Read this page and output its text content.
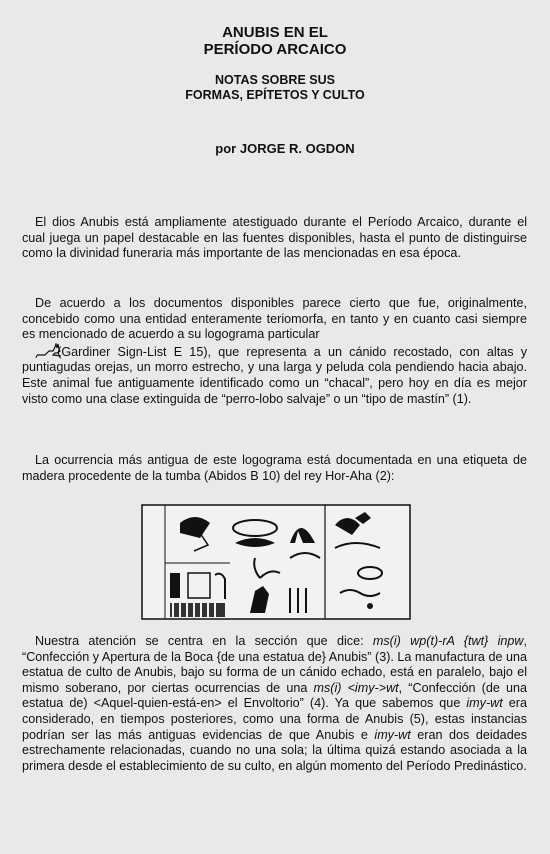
ANUBIS EN EL
PERÍODO ARCAICO
NOTAS SOBRE SUS
FORMAS, EPÍTETOS Y CULTO
por JORGE R. OGDON
El dios Anubis está ampliamente atestiguado durante el Período Arcaico, durante el cual juega un papel destacable en las fuentes disponibles, hasta el punto de distinguirse como la divinidad funeraria más importante de las mencionadas en esa época.
De acuerdo a los documentos disponibles parece cierto que fue, originalmente, concebido como una entidad enteramente teriomorfa, en tanto y en cuanto casi siempre es mencionado de acuerdo a su logograma particular
(Gardiner Sign-List E 15), que representa a un cánido recostado, con altas y puntiagudas orejas, un morro estrecho, y una larga y peluda cola pendiendo hacia abajo. Este animal fue antiguamente identificado como un “chacal”, pero hoy en día es mejor visto como una clase extinguida de “perro-lobo salvaje” o un “tipo de mastín” (1).
La ocurrencia más antigua de este logograma está documentada en una etiqueta de madera procedente de la tumba (Abidos B 10) del rey Hor-Aha (2):
Nuestra atención se centra en la sección que dice: ms(i) wp(t)-rA {twt} inpw, “Confección y Apertura de la Boca {de una estatua de} Anubis” (3). La manufactura de una estatua de culto de Anubis, bajo su forma de un cánido echado, está en paralelo, bajo el mismo soberano, por ciertas ocurrencias de una ms(i) <imy->wt, “Confección (de una estatua de) <Aquel-quien-está-en> el Envoltorio” (4). Ya que sabemos que imy-wt era considerado, en tiempos posteriores, como una forma de Anubis (5), estas instancias podrían ser las más antiguas evidencias de que Anubis e imy-wt eran dos deidades estrechamente relacionadas, cuando no una sola; la última quizá estando asociada a la primera desde el establecimiento de su culto, en algún momento del Período Predinástico.
